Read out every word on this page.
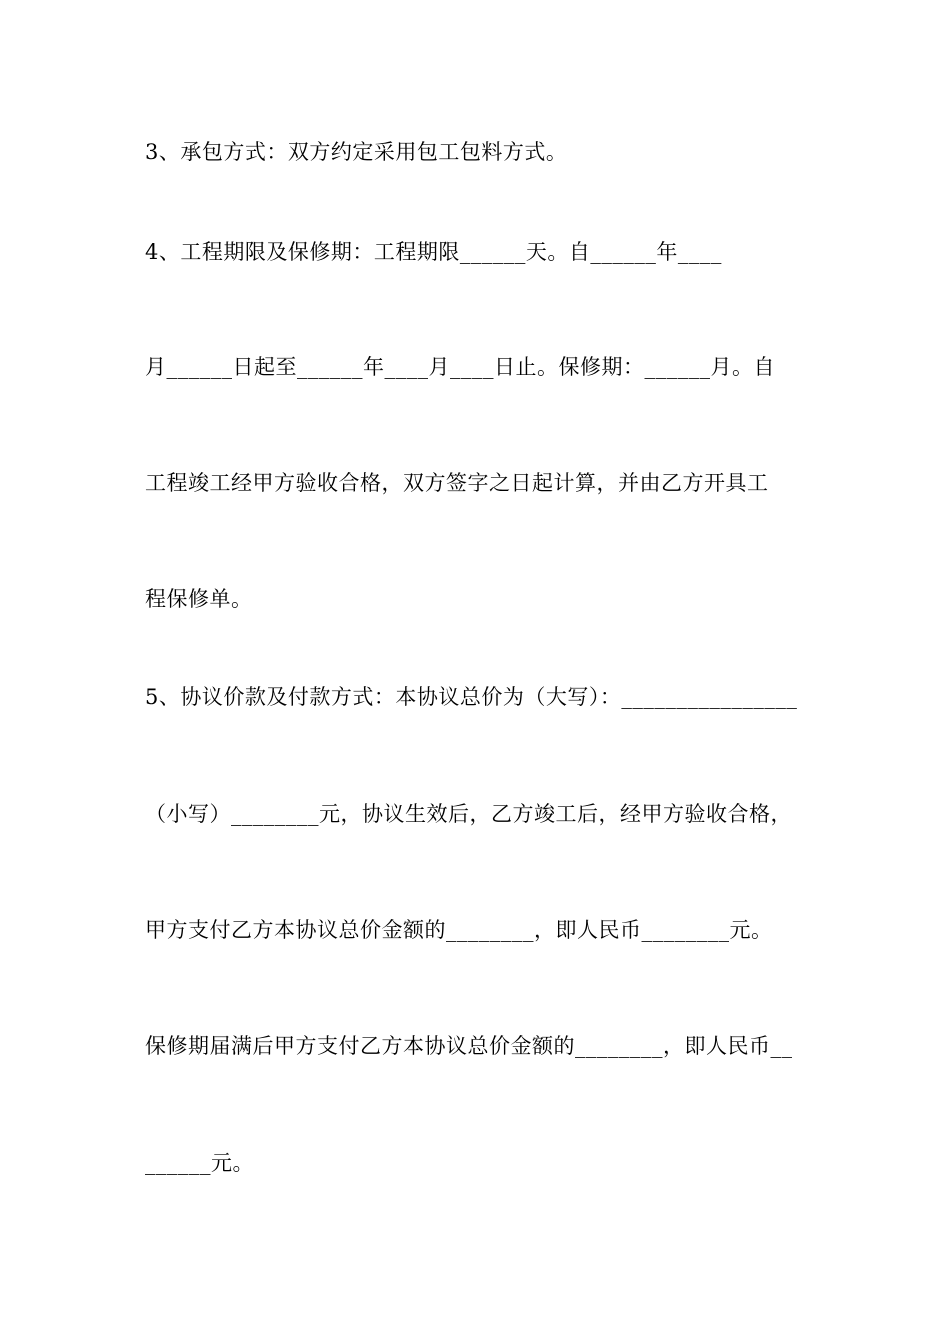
3、承包方式：双方约定采用包工包料方式。
4、工程期限及保修期：工程期限______天。自______年____
月______日起至______年____月____日止。保修期：______月。自
工程竣工经甲方验收合格，双方签字之日起计算，并由乙方开具工
程保修单。
5、协议价款及付款方式：本协议总价为（大写）：________________
（小写）________元，协议生效后，乙方竣工后，经甲方验收合格，
甲方支付乙方本协议总价金额的________，即人民币________元。
保修期届满后甲方支付乙方本协议总价金额的________，即人民币__
______元。
